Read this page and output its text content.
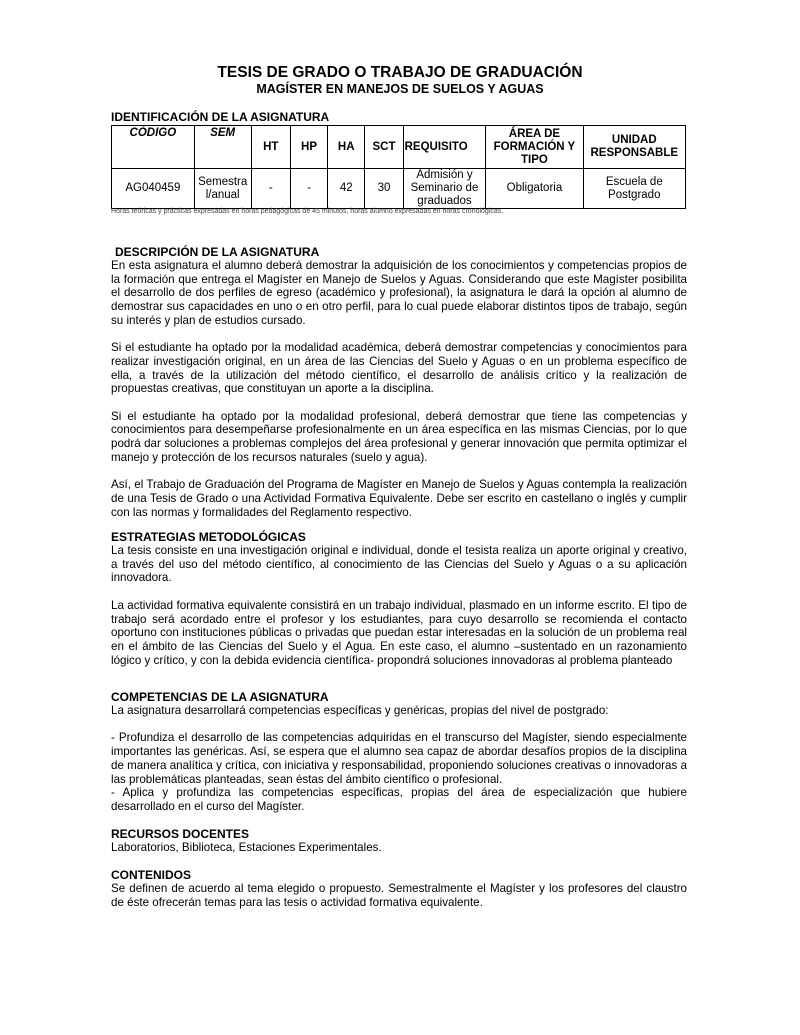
TESIS DE GRADO O TRABAJO DE GRADUACIÓN
MAGÍSTER EN MANEJOS DE SUELOS Y AGUAS
IDENTIFICACIÓN DE LA ASIGNATURA
CÓDIGO	SEM	HT	HP	HA	SCT	REQUISITO	ÁREA DE FORMACIÓN Y TIPO	UNIDAD RESPONSABLE
AG040459	Semestra l/anual	-	-	42	30	Admisión y Seminario de graduados	Obligatoria	Escuela de Postgrado

Horas teóricas y prácticas expresadas en horas pedagógicas de 45 minutos, horas alumno expresadas en horas cronológicas.

DESCRIPCIÓN DE LA ASIGNATURA

En esta asignatura el alumno deberá demostrar la adquisición de los conocimientos y competencias propios de la formación que entrega el Magíster en Manejo de Suelos y Aguas. Considerando que este Magíster posibilita el desarrollo de dos perfiles de egreso (académico y profesional), la asignatura le dará la opción al alumno de demostrar sus capacidades en uno o en otro perfil, para lo cual puede elaborar distintos tipos de trabajo, según su interés y plan de estudios cursado.

Si el estudiante ha optado por la modalidad académica, deberá demostrar competencias y conocimientos para realizar investigación original, en un área de las Ciencias del Suelo y Aguas o en un problema específico de ella, a través de la utilización del método científico, el desarrollo de análisis crítico y la realización de propuestas creativas, que constituyan un aporte a la disciplina.

Si el estudiante ha optado por la modalidad profesional, deberá demostrar que tiene las competencias y conocimientos para desempeñarse profesionalmente en un área específica en las mismas Ciencias, por lo que podrá dar soluciones a problemas complejos del área profesional y generar innovación que permita optimizar el manejo y protección de los recursos naturales (suelo y agua).

Así, el Trabajo de Graduación del Programa de Magíster en Manejo de Suelos y Aguas contempla la realización de una Tesis de Grado o una Actividad Formativa Equivalente. Debe ser escrito en castellano o inglés y cumplir con las normas y formalidades del Reglamento respectivo.

ESTRATEGIAS METODOLÓGICAS

La tesis consiste en una investigación original e individual, donde el tesista realiza un aporte original y creativo, a través del uso del método científico, al conocimiento de las Ciencias del Suelo y Aguas o a su aplicación innovadora.

La actividad formativa equivalente consistirá en un trabajo individual, plasmado en un informe escrito. El tipo de trabajo será acordado entre el profesor y los estudiantes, para cuyo desarrollo se recomienda el contacto oportuno con instituciones públicas o privadas que puedan estar interesadas en la solución de un problema real en el ámbito de las Ciencias del Suelo y el Agua. En este caso, el alumno –sustentado en un razonamiento lógico y crítico, y con la debida evidencia científica- propondrá soluciones innovadoras al problema planteado

COMPETENCIAS DE LA ASIGNATURA

La asignatura desarrollará competencias específicas y genéricas, propias del nivel de postgrado:

- Profundiza el desarrollo de las competencias adquiridas en el transcurso del Magíster, siendo especialmente importantes las genéricas. Así, se espera que el alumno sea capaz de abordar desafíos propios de la disciplina de manera analítica y crítica, con iniciativa y responsabilidad, proponiendo soluciones creativas o innovadoras a las problemáticas planteadas, sean éstas del ámbito científico o profesional.

- Aplica y profundiza las competencias específicas, propias del área de especialización que hubiere desarrollado en el curso del Magíster.

RECURSOS DOCENTES

Laboratorios, Biblioteca, Estaciones Experimentales.

CONTENIDOS

Se definen de acuerdo al tema elegido o propuesto. Semestralmente el Magíster y los profesores del claustro de éste ofrecerán temas para las tesis o actividad formativa equivalente.
